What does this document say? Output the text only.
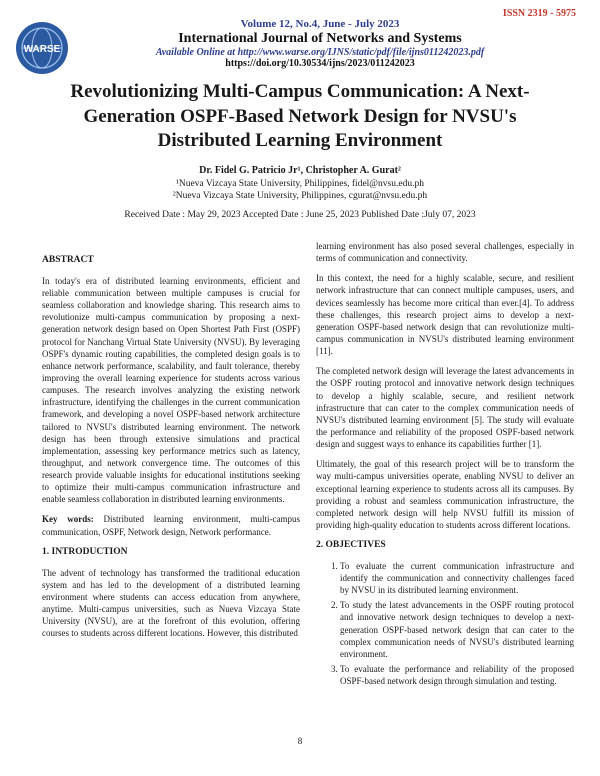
ISSN 2319 - 5975
WARSE
Volume 12, No.4, June - July 2023
International Journal of Networks and Systems
Available Online at http://www.warse.org/IJNS/static/pdf/file/ijns011242023.pdf
https://doi.org/10.30534/ijns/2023/011242023
Revolutionizing Multi-Campus Communication: A Next-Generation OSPF-Based Network Design for NVSU's Distributed Learning Environment
Dr. Fidel G. Patricio Jr¹, Christopher A. Gurat²
¹Nueva Vizcaya State University, Philippines, fidel@nvsu.edu.ph
²Nueva Vizcaya State University, Philippines, cgurat@nvsu.edu.ph
Received Date : May 29, 2023 Accepted Date : June 25, 2023 Published Date :July 07, 2023
ABSTRACT

In today's era of distributed learning environments, efficient and reliable communication between multiple campuses is crucial for seamless collaboration and knowledge sharing. This research aims to revolutionize multi-campus communication by proposing a next-generation network design based on Open Shortest Path First (OSPF) protocol for Nanchang Virtual State University (NVSU). By leveraging OSPF's dynamic routing capabilities, the completed design goals is to enhance network performance, scalability, and fault tolerance, thereby improving the overall learning experience for students across various campuses. The research involves analyzing the existing network infrastructure, identifying the challenges in the current communication framework, and developing a novel OSPF-based network architecture tailored to NVSU's distributed learning environment. The network design has been through extensive simulations and practical implementation, assessing key performance metrics such as latency, throughput, and network convergence time. The outcomes of this research provide valuable insights for educational institutions seeking to optimize their multi-campus communication infrastructure and enable seamless collaboration in distributed learning environments.

Key words: Distributed learning environment, multi-campus communication, OSPF, Network design, Network performance.

1. INTRODUCTION

The advent of technology has transformed the traditional education system and has led to the development of a distributed learning environment where students can access education from anywhere, anytime. Multi-campus universities, such as Nueva Vizcaya State University (NVSU), are at the forefront of this evolution, offering courses to students across different locations. However, this distributed

learning environment has also posed several challenges, especially in terms of communication and connectivity.

In this context, the need for a highly scalable, secure, and resilient network infrastructure that can connect multiple campuses, users, and devices seamlessly has become more critical than ever.[4]. To address these challenges, this research project aims to develop a next-generation OSPF-based network design that can revolutionize multi-campus communication in NVSU's distributed learning environment [11].

The completed network design will leverage the latest advancements in the OSPF routing protocol and innovative network design techniques to develop a highly scalable, secure, and resilient network infrastructure that can cater to the complex communication needs of NVSU's distributed learning environment [5]. The study will evaluate the performance and reliability of the proposed OSPF-based network design and suggest ways to enhance its capabilities further [1].

Ultimately, the goal of this research project will be to transform the way multi-campus universities operate, enabling NVSU to deliver an exceptional learning experience to students across all its campuses. By providing a robust and seamless communication infrastructure, the completed network design will help NVSU fulfill its mission of providing high-quality education to students across different locations.

2. OBJECTIVES
1. To evaluate the current communication infrastructure and identify the communication and connectivity challenges faced by NVSU in its distributed learning environment.
2. To study the latest advancements in the OSPF routing protocol and innovative network design techniques to develop a next-generation OSPF-based network design that can cater to the complex communication needs of NVSU's distributed learning environment.
3. To evaluate the performance and reliability of the proposed OSPF-based network design through simulation and testing.
8
